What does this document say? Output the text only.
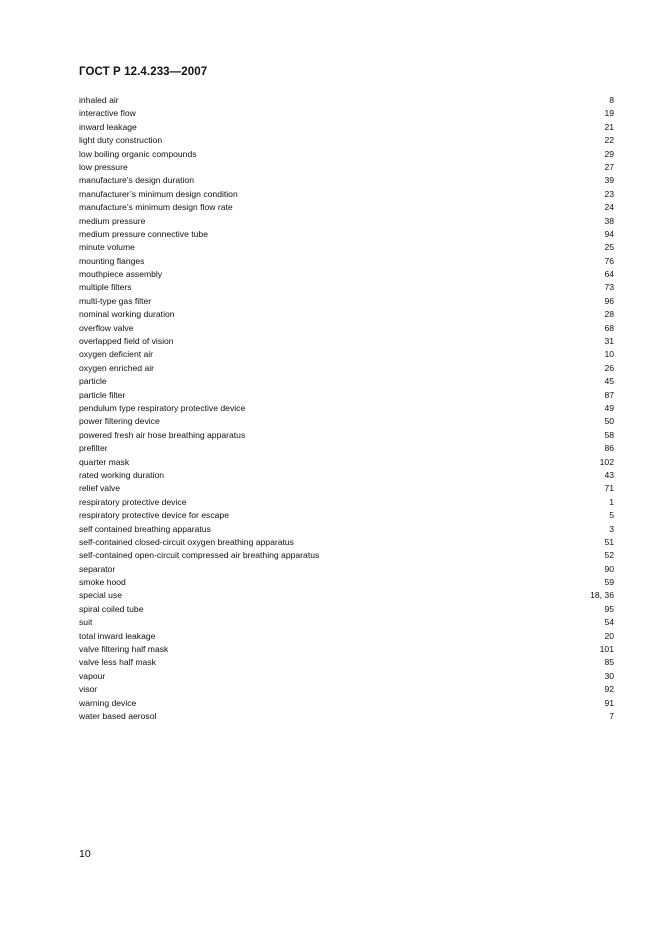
ГОСТ Р 12.4.233—2007
inhaled air	8
interactive flow	19
inward leakage	21
light duty construction	22
low boiling organic compounds	29
low pressure	27
manufacture’s design duration	39
manufacturer’s minimum design condition	23
manufacture’s minimum design flow rate	24
medium pressure	38
medium pressure connective tube	94
minute volume	25
mounting flanges	76
mouthpiece assembly	64
multiple filters	73
multi-type gas filter	96
nominal working duration	28
overflow valve	68
overlapped field of vision	31
oxygen deficient air	10
oxygen enriched air	26
particle	45
particle filter	87
pendulum type respiratory protective device	49
power filtering device	50
powered fresh air hose breathing apparatus	58
prefilter	86
quarter mask	102
rated working duration	43
relief valve	71
respiratory protective device	1
respiratory protective device for escape	5
self contained breathing apparatus	3
self-contained closed-circuit oxygen breathing apparatus	51
self-contained open-circuit compressed air breathing apparatus	52
separator	90
smoke hood	59
special use	18, 36
spiral coiled tube	95
suit	54
total inward leakage	20
valve filtering half mask	101
valve less half mask	85
vapour	30
visor	92
warning device	91
water based aerosol	7
10
